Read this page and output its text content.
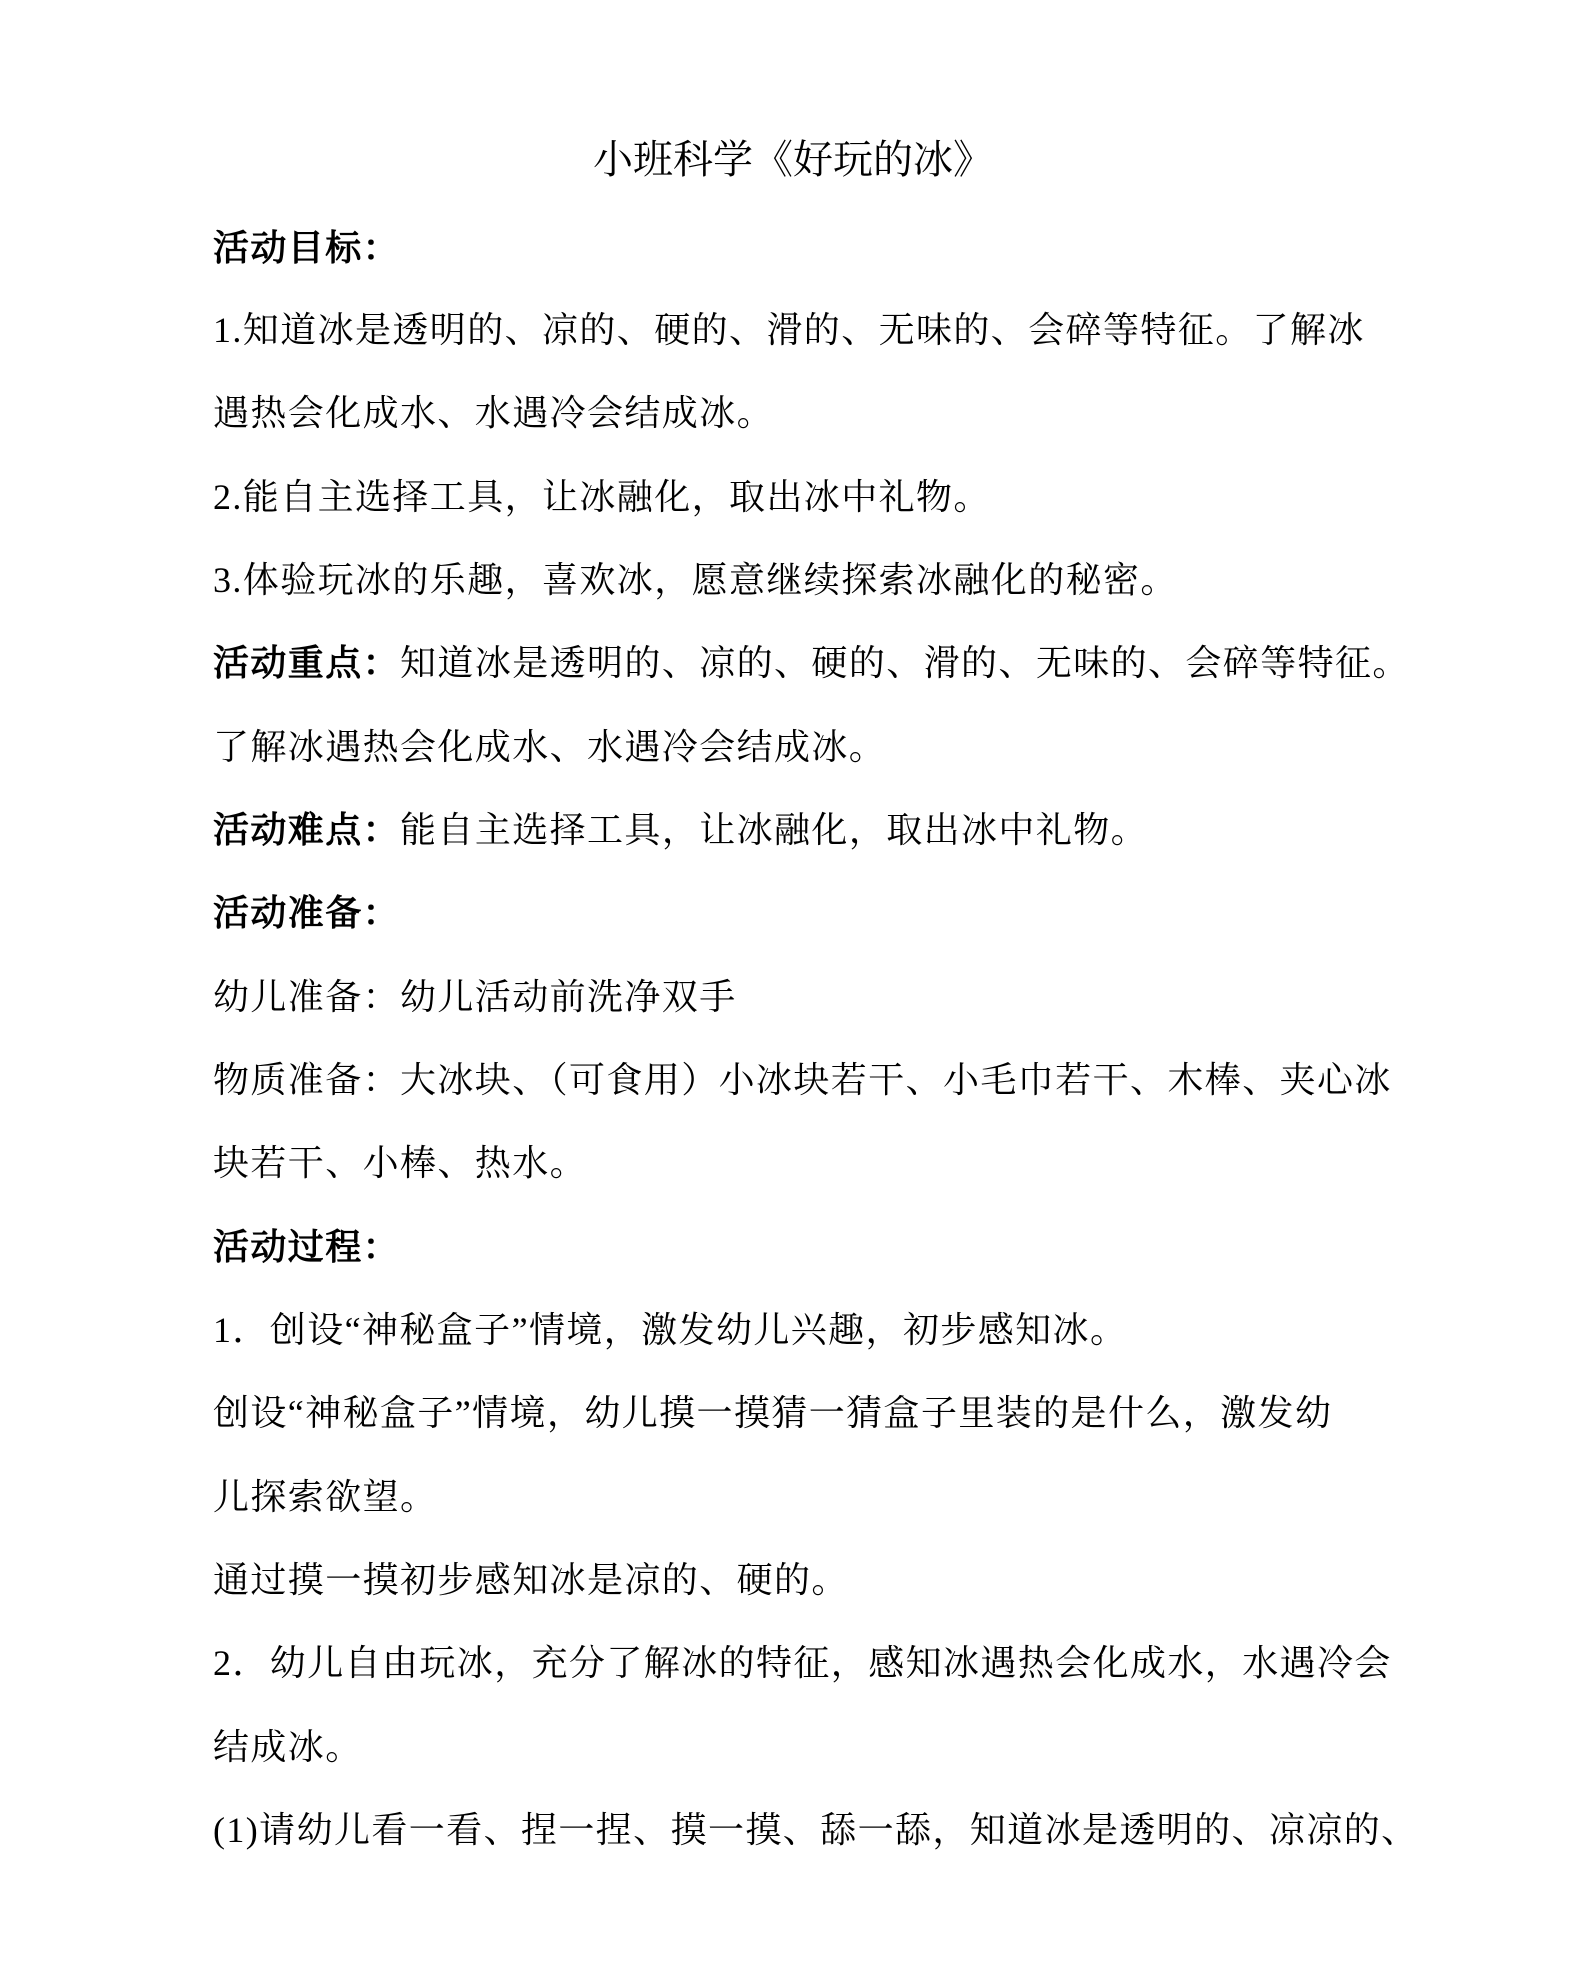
小班科学《好玩的冰》
活动目标：
1.知道冰是透明的、凉的、硬的、滑的、无味的、会碎等特征。了解冰
遇热会化成水、水遇冷会结成冰。
2.能自主选择工具，让冰融化，取出冰中礼物。
3.体验玩冰的乐趣，喜欢冰，愿意继续探索冰融化的秘密。
活动重点：知道冰是透明的、凉的、硬的、滑的、无味的、会碎等特征。
了解冰遇热会化成水、水遇冷会结成冰。
活动难点：能自主选择工具，让冰融化，取出冰中礼物。
活动准备：
幼儿准备：幼儿活动前洗净双手
物质准备：大冰块、（可食用）小冰块若干、小毛巾若干、木棒、夹心冰
块若干、小棒、热水。
活动过程：
1．创设“神秘盒子”情境，激发幼儿兴趣，初步感知冰。
创设“神秘盒子”情境，幼儿摸一摸猜一猜盒子里装的是什么，激发幼
儿探索欲望。
通过摸一摸初步感知冰是凉的、硬的。
2．幼儿自由玩冰，充分了解冰的特征，感知冰遇热会化成水，水遇冷会
结成冰。
(1)请幼儿看一看、捏一捏、摸一摸、舔一舔，知道冰是透明的、凉凉的、
